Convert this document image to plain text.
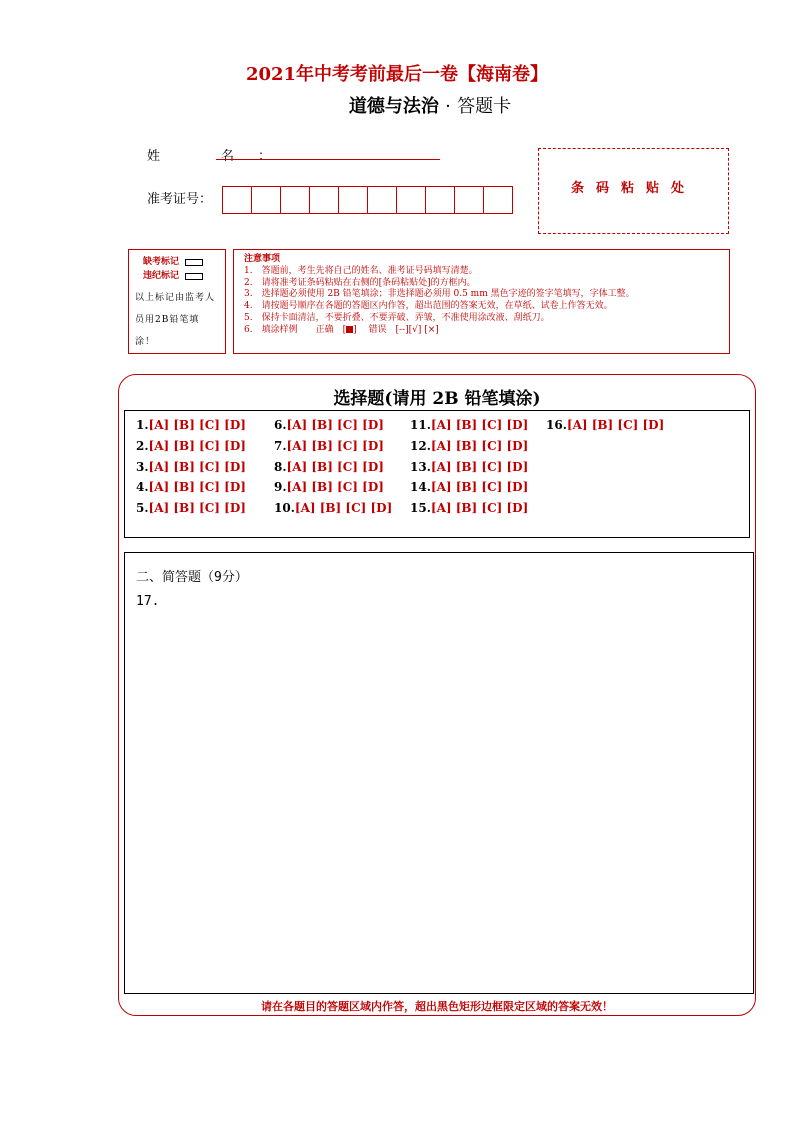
2021年中考考前最后一卷【海南卷】
道德与法治 · 答题卡
姓　名：
准考证号：
条码粘贴处
缺考标记
违纪标记
以上标记由监考人员用2B铅笔填涂！
注意事项
1.　答题前，考生先将自己的姓名、准考证号码填写清楚。
2.　请将准考证条码粘贴在右侧的[条码粘贴处]的方框内。
3.　选择题必须使用 2B 铅笔填涂；非选择题必须用 0.5 mm 黑色字迹的签字笔填写，字体工整。
4.　请按题号顺序在各题的答题区内作答，超出范围的答案无效，在草纸、试卷上作答无效。
5.　保持卡面清洁，不要折叠、不要弄破、弄皱，不准使用涂改液、刮纸刀。
6.　填涂样例　　正确　[ ]　 错误　[--][√] [×]
选择题(请用 2B 铅笔填涂)
1.[A] [B] [C] [D]
2.[A] [B] [C] [D]
3.[A] [B] [C] [D]
4.[A] [B] [C] [D]
5.[A] [B] [C] [D]
6.[A] [B] [C] [D]
7.[A] [B] [C] [D]
8.[A] [B] [C] [D]
9.[A] [B] [C] [D]
10.[A] [B] [C] [D]
11.[A] [B] [C] [D]
12.[A] [B] [C] [D]
13.[A] [B] [C] [D]
14.[A] [B] [C] [D]
15.[A] [B] [C] [D]
16.[A] [B] [C] [D]
二、简答题（9分）
17.
请在各题目的答题区域内作答，超出黑色矩形边框限定区域的答案无效！
